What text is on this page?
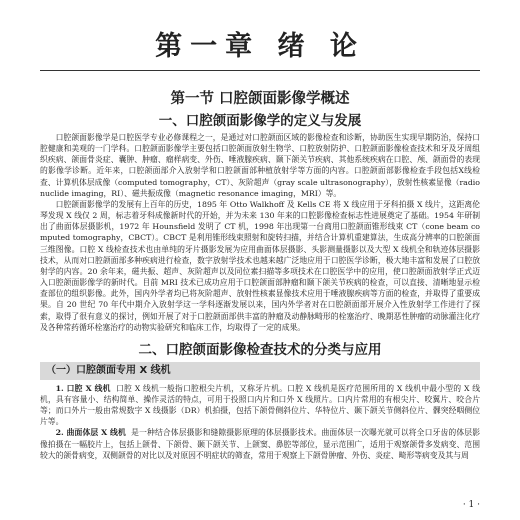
第一章 绪 论
第一节 口腔颌面影像学概述
一、口腔颌面影像学的定义与发展

口腔颌面影像学是口腔医学专业必修课程之一，是通过对口腔颌面区域的影像检查和诊断，协助医生实现早期防治，保持口腔健康和美观的一门学科。口腔颌面影像学主要包括口腔颌面放射生物学、口腔放射防护、口腔颌面影像检查技术和牙及牙周组织疾病、颌面骨炎症、囊肿、肿瘤、瘤样病变、外伤、唾液腺疾病、颞下颌关节疾病、其他系统疾病在口腔、颅、颌面骨的表现的影像学诊断。近年来，口腔颌面部介入放射学和口腔颌面部种植放射学等方面的内容。口腔颌面部影像检查手段包括X线检查、计算机体层成像（computed tomography，CT）、灰阶超声（gray scale ultrasonography），放射性核素显像（radionuclide imaging，RI）、磁共振成像（magnetic resonance imaging，MRI）等。

口腔颌面影像学的发展有上百年的历史，1895 年 Otto Walkhoff 及 Kells CE 将 X 线应用于牙科拍摄 X 线片，这距离伦琴发现 X 线仅 2 周，标志着牙科成像新时代的开始，并为未来 130 年来的口腔影像检查标志性进展奠定了基础。1954 年研制出了曲面体层摄影机，1972 年 Hounsfield 发明了 CT 机，1998 年出现第一台商用口腔颌面锥形线束 CT（cone beam computed tomography，CBCT）。CBCT 是利用锥形线束照射和旋转扫描，并结合计算机重建算法，生成高分辨率的口腔颌面三维图像。口腔 X 线检查技术也由单纯的牙片摄影发展为应用曲面体层摄影、头影测量摄影以及大型 X 线机全和轨迹体层摄影技术，从而对口腔颌面部多种疾病进行检查，数字放射学技术也越来越广泛地应用于口腔医学诊断，极大地丰富和发展了口腔放射学的内容。20 余年来，磁共振、超声、灰阶超声以及同位素扫描等多项技术在口腔医学中的应用，使口腔颌面放射学正式迈入口腔颌面影像学的新时代。目前 MRI 技术已成功应用于口腔颌面部肿瘤和颞下颌关节疾病的检查，可以直接、清晰地显示检查部位的组织影像。此外，国内外学者均已将灰阶超声、放射性核素显像技术应用于唾液腺疾病等方面的检查，并取得了重要成果。自 20 世纪 70 年代中期介入放射学这一学科逐渐发展以来，国内外学者对在口腔颌面部开展介入性放射学工作进行了探索，取得了很有意义的探讨，例如开展了对于口腔颌面部供丰富的肿瘤及动静脉畸形的栓塞治疗、晚期恶性肿瘤的动脉灌注化疗及各种常药循环栓塞治疗的动物实验研究和临床工作，均取得了一定的成果。

二、口腔颌面影像检查技术的分类与应用
（一）口腔颌面专用 X 线机

1. 口腔 X 线机 口腔 X 线机一般指口腔根尖片机，又称牙片机。口腔 X 线机是医疗范围所用的 X 线机中最小型的 X 线机，具有容量小、结构简单、操作灵活的特点，可用于投照口内片和口外 X 线照片。口内片常用的有根尖片、咬翼片、咬合片等；而口外片一般由常规数字 X 线摄影（DR）机拍摄，包括下颌骨侧斜位片、华特位片、颞下颌关节侧斜位片、髁突经咽侧位片等。

2. 曲面体层 X 线机 是一种结合体层摄影和缝隙摄影原理的体层摄影技术。曲面体层一次曝光就可以将全口牙齿的体层影像拍摄在一幅胶片上，包括上颌骨、下颌骨、颞下颌关节、上颌窦、鼻腔等部位，显示范围广，适用于观察颌骨多发病变、范围较大的颌骨病变，双侧颌骨的对比以及对原因不明症状的筛查，常用于观察上下颌骨肿瘤、外伤、炎症、畸形等病变及其与周

· 1 ·
